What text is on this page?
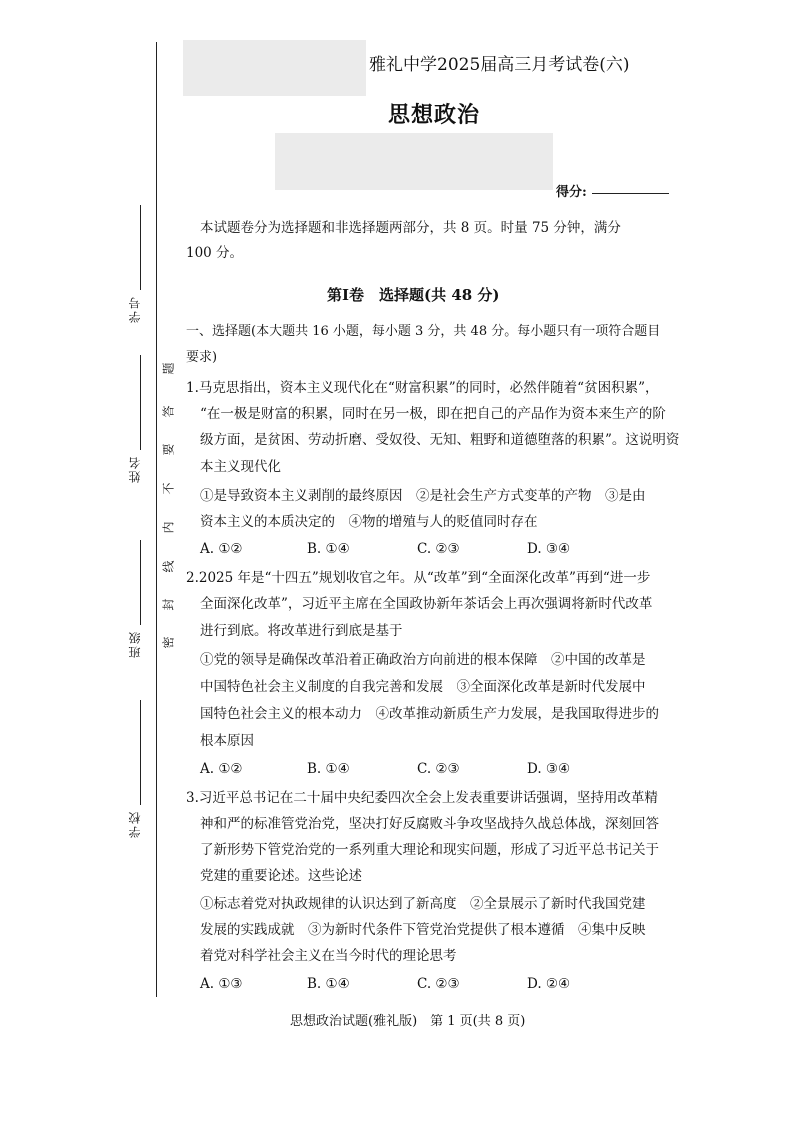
学号
姓名
班级
学校
题
答
要
不
内
线
封
密
雅礼中学2025届高三月考试卷(六)
思想政治
得分:
本试题卷分为选择题和非选择题两部分，共 8 页。时量 75 分钟，满分
100 分。
第Ⅰ卷　选择题(共 48 分)
一、选择题(本大题共 16 小题，每小题 3 分，共 48 分。每小题只有一项符合题目
要求)
1.马克思指出，资本主义现代化在“财富积累”的同时，必然伴随着“贫困积累”，
“在一极是财富的积累，同时在另一极，即在把自己的产品作为资本来生产的阶
级方面，是贫困、劳动折磨、受奴役、无知、粗野和道德堕落的积累”。这说明资
本主义现代化
①是导致资本主义剥削的最终原因　②是社会生产方式变革的产物　③是由
资本主义的本质决定的　④物的增殖与人的贬值同时存在
A. ①②	B. ①④	C. ②③	D. ③④
2.2025 年是“十四五”规划收官之年。从“改革”到“全面深化改革”再到“进一步
全面深化改革”，习近平主席在全国政协新年茶话会上再次强调将新时代改革
进行到底。将改革进行到底是基于
①党的领导是确保改革沿着正确政治方向前进的根本保障　②中国的改革是
中国特色社会主义制度的自我完善和发展　③全面深化改革是新时代发展中
国特色社会主义的根本动力　④改革推动新质生产力发展，是我国取得进步的
根本原因
A. ①②	B. ①④	C. ②③	D. ③④
3.习近平总书记在二十届中央纪委四次全会上发表重要讲话强调，坚持用改革精
神和严的标准管党治党，坚决打好反腐败斗争攻坚战持久战总体战，深刻回答
了新形势下管党治党的一系列重大理论和现实问题，形成了习近平总书记关于
党建的重要论述。这些论述
①标志着党对执政规律的认识达到了新高度　②全景展示了新时代我国党建
发展的实践成就　③为新时代条件下管党治党提供了根本遵循　④集中反映
着党对科学社会主义在当今时代的理论思考
A. ①③	B. ①④	C. ②③	D. ②④
思想政治试题(雅礼版)　第 1 页(共 8 页)
